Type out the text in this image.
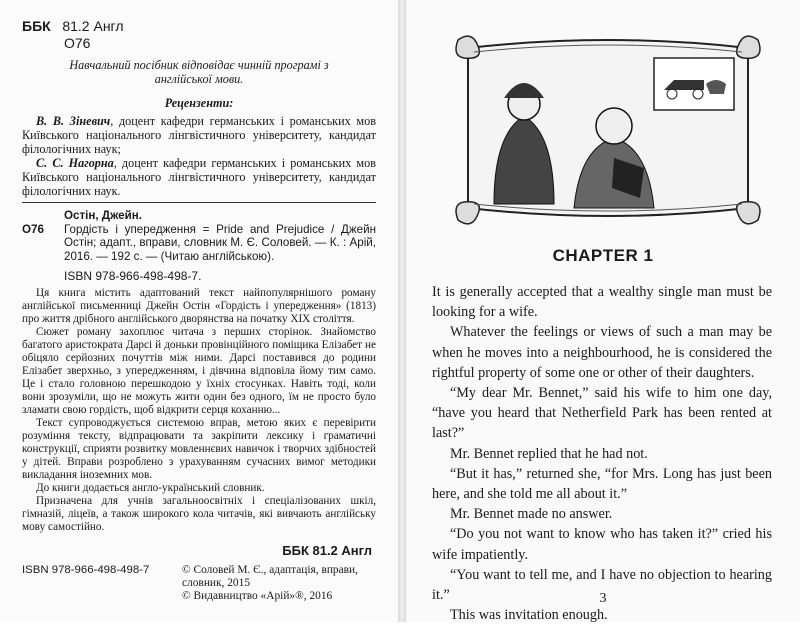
ББК 81.2 Англ
О76

Навчальний посібник відповідає чинній програмі з англійської мови.

Рецензенти:

В. В. Зіневич, доцент кафедри германських і романських мов Київського національного лінгвістичного університету, кандидат філологічних наук;

С. С. Нагорна, доцент кафедри германських і романських мов Київського національного лінгвістичного університету, кандидат філологічних наук.

О76
Остін, Джейн.
Гордість і упередження = Pride and Prejudice / Джейн Остін; адапт., вправи, словник М. Є. Соловей. — К. : Арій, 2016. — 192 с. — (Читаю англійською).
ISBN 978-966-498-498-7.

Ця книга містить адаптований текст найпопулярнішого роману англійської письменниці Джейн Остін «Гордість і упередження» (1813) про життя дрібного англійського дворянства на початку XIX століття.

Сюжет роману захоплює читача з перших сторінок. Знайомство багатого аристократа Дарсі й доньки провінційного поміщика Елізабет не обіцяло серйозних почуттів між ними. Дарсі поставився до родини Елізабет зверхньо, з упередженням, і дівчина відповіла йому тим само. Це і стало головною перешкодою у їхніх стосунках. Навіть тоді, коли вони зрозуміли, що не можуть жити один без одного, їм не просто було зламати свою гордість, щоб відкрити серця коханню...

Текст супроводжується системою вправ, метою яких є перевірити розуміння тексту, відпрацювати та закріпити лексику і граматичні конструкції, сприяти розвитку мовленнєвих навичок і творчих здібностей у дітей. Вправи розроблено з урахуванням сучасних вимог методики викладання іноземних мов.

До книги додається англо-український словник.

Призначена для учнів загальноосвітніх і спеціалізованих шкіл, гімназій, ліцеїв, а також широкого кола читачів, які вивчають англійську мову самостійно.

ББК 81.2 Англ
ISBN 978-966-498-498-7	© Соловей М. Є., адаптація, вправи, словник, 2015
© Видавництво «Арій»®, 2016
CHAPTER 1

It is generally accepted that a wealthy single man must be looking for a wife.

Whatever the feelings or views of such a man may be when he moves into a neighbourhood, he is considered the rightful property of some one or other of their daughters.

“My dear Mr. Bennet,” said his wife to him one day, “have you heard that Netherfield Park has been rented at last?”

Mr. Bennet replied that he had not.

“But it has,” returned she, “for Mrs. Long has just been here, and she told me all about it.”

Mr. Bennet made no answer.

“Do you not want to know who has taken it?” cried his wife impatiently.

“You want to tell me, and I have no objection to hearing it.”

This was invitation enough.

3
